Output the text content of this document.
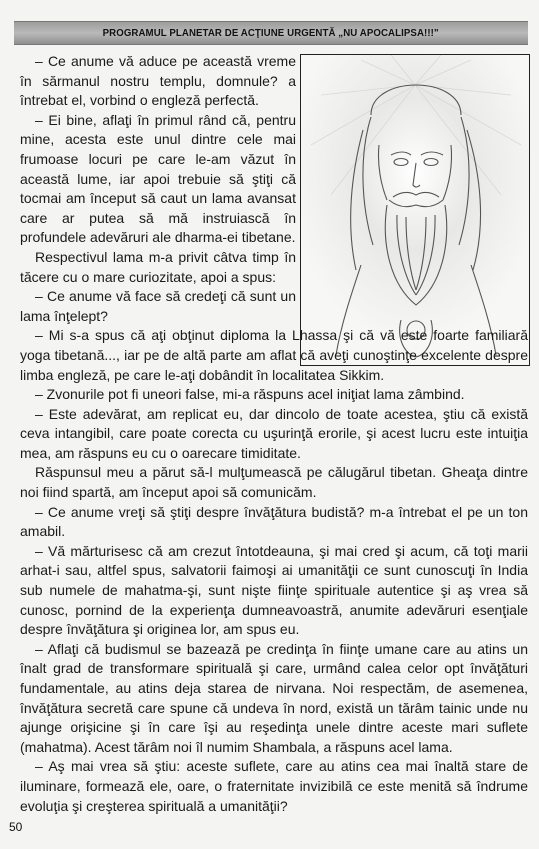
PROGRAMUL PLANETAR DE ACŢIUNE URGENTĂ „NU APOCALIPSA!!!"

– Ce anume vă aduce pe această vreme în sărmanul nostru templu, domnule? a întrebat el, vorbind o engleză perfectă.

– Ei bine, aflaţi în primul rând că, pentru mine, acesta este unul dintre cele mai frumoase locuri pe care le-am văzut în această lume, iar apoi trebuie să ştiţi că tocmai am început să caut un lama avansat care ar putea să mă instruiască în profundele adevăruri ale dharma-ei tibetane.

Respectivul lama m-a privit câtva timp în tăcere cu o mare curiozitate, apoi a spus:

– Ce anume vă face să credeţi că sunt un lama înţelept?

– Mi s-a spus că aţi obţinut diploma la Lhassa şi că vă este foarte familiară yoga tibetană..., iar pe de altă parte am aflat că aveţi cunoştinţe excelente despre limba engleză, pe care le-aţi dobândit în localitatea Sikkim.

– Zvonurile pot fi uneori false, mi-a răspuns acel iniţiat lama zâmbind.

– Este adevărat, am replicat eu, dar dincolo de toate acestea, ştiu că există ceva intangibil, care poate corecta cu uşurinţă erorile, şi acest lucru este intuiţia mea, am răspuns eu cu o oarecare timiditate.

Răspunsul meu a părut să-l mulţumească pe călugărul tibetan. Gheaţa dintre noi fiind spartă, am început apoi să comunicăm.

– Ce anume vreţi să ştiţi despre învăţătura budistă? m-a întrebat el pe un ton amabil.

– Vă mărturisesc că am crezut întotdeauna, şi mai cred şi acum, că toţi marii arhat-i sau, altfel spus, salvatorii faimoşi ai umanităţii ce sunt cunoscuţi în India sub numele de mahatma-şi, sunt nişte fiinţe spirituale autentice şi aş vrea să cunosc, pornind de la experienţa dumneavoastră, anumite adevăruri esenţiale despre învăţătura şi originea lor, am spus eu.

– Aflaţi că budismul se bazează pe credinţa în fiinţe umane care au atins un înalt grad de transformare spirituală şi care, urmând calea celor opt învăţături fundamentale, au atins deja starea de nirvana. Noi respectăm, de asemenea, învăţătura secretă care spune că undeva în nord, există un tărâm tainic unde nu ajunge orişicine şi în care îşi au reşedinţa unele dintre aceste mari suflete (mahatma). Acest tărâm noi îl numim Shambala, a răspuns acel lama.

– Aş mai vrea să ştiu: aceste suflete, care au atins cea mai înaltă stare de iluminare, formează ele, oare, o fraternitate invizibilă ce este menită să îndrume evoluţia şi creşterea spirituală a umanităţii?

50
